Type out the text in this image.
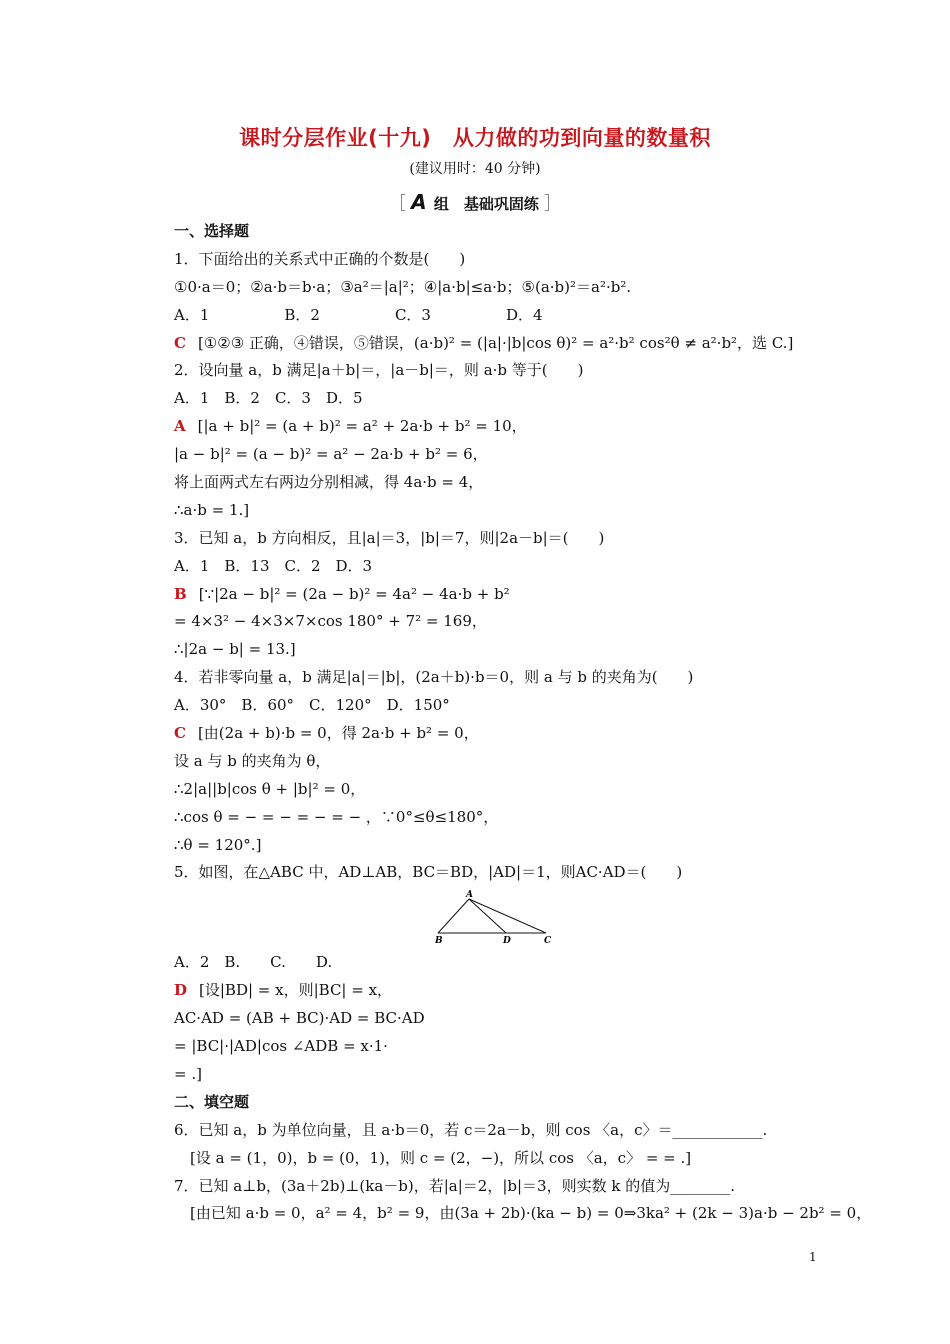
课时分层作业(十九)　从力做的功到向量的数量积
(建议用时：40 分钟)
［ A 组　基础巩固练 ］
一、选择题
1．下面给出的关系式中正确的个数是(　　)
①0·a＝0；②a·b＝b·a；③a²＝|a|²；④|a·b|≤a·b；⑤(a·b)²＝a²·b².
A．1　　　　　B．2　　　　　C．3　　　　　D．4
C [①②③ 正确，④错误，⑤错误，(a·b)² = (|a|·|b|cos θ)² = a²·b² cos²θ ≠ a²·b²，选 C.]
2．设向量 a，b 满足|a＋b|＝，|a－b|＝，则 a·b 等于(　　)
A．1　B．2　C．3　D．5
A [|a + b|² = (a + b)² = a² + 2a·b + b² = 10，
|a − b|² = (a − b)² = a² − 2a·b + b² = 6，
将上面两式左右两边分别相减，得 4a·b = 4，
∴a·b = 1.]
3．已知 a，b 方向相反，且|a|＝3，|b|＝7，则|2a－b|＝(　　)
A．1　B．13　C．2　D．3
B [∵|2a − b|² = (2a − b)² = 4a² − 4a·b + b²
= 4×3² − 4×3×7×cos 180° + 7² = 169，
∴|2a − b| = 13.]
4．若非零向量 a，b 满足|a|＝|b|，(2a＋b)·b＝0，则 a 与 b 的夹角为(　　)
A．30°　B．60°　C．120°　D．150°
C [由(2a + b)·b = 0，得 2a·b + b² = 0，
设 a 与 b 的夹角为 θ，
∴2|a||b|cos θ + |b|² = 0，
∴cos θ = − = − = − = − ，∵0°≤θ≤180°，
∴θ = 120°.]
5．如图，在△ABC 中，AD⊥AB，BC＝BD，|AD|＝1，则AC·AD＝(　　)
A
B	D	C
A．2　B.　　C.　　D.
D [设|BD| = x，则|BC| = x，
AC·AD = (AB + BC)·AD = BC·AD
= |BC|·|AD|cos ∠ADB = x·1·
= .]
二、填空题
6．已知 a，b 为单位向量，且 a·b＝0，若 c＝2a－b，则 cos 〈a，c〉＝____________.
[设 a = (1，0)，b = (0，1)，则 c = (2，−)，所以 cos 〈a，c〉 = = .]
7．已知 a⊥b，(3a＋2b)⊥(ka－b)，若|a|＝2，|b|＝3，则实数 k 的值为________.
[由已知 a·b = 0，a² = 4，b² = 9，由(3a + 2b)·(ka − b) = 0⇒3ka² + (2k − 3)a·b − 2b² = 0，
1
